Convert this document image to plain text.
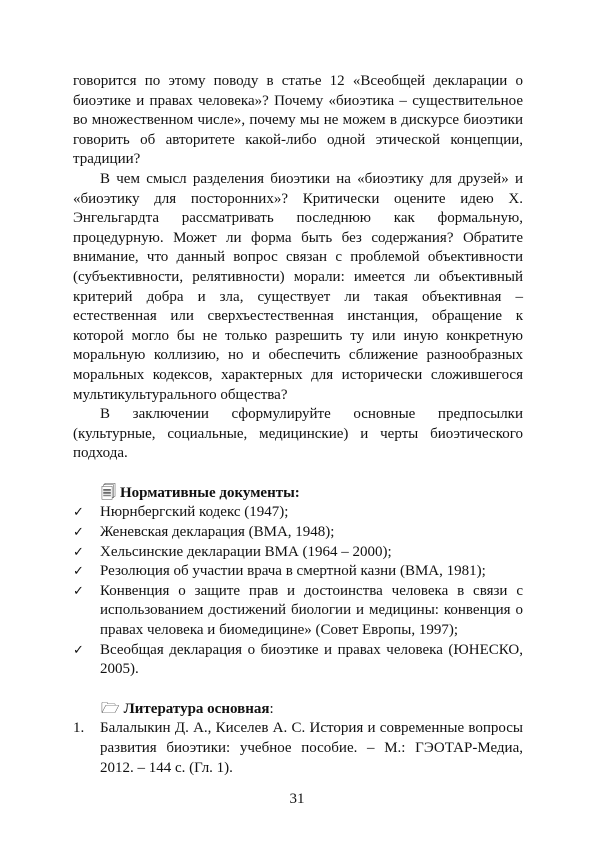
говорится по этому поводу в статье 12 «Всеобщей декларации о биоэтике и правах человека»? Почему «биоэтика – существительное во множественном числе», почему мы не можем в дискурсе биоэтики говорить об авторитете какой-либо одной этической концепции, традиции?

В чем смысл разделения биоэтики на «биоэтику для друзей» и «биоэтику для посторонних»? Критически оцените идею Х. Энгельгардта рассматривать последнюю как формальную, процедурную. Может ли форма быть без содержания? Обратите внимание, что данный вопрос связан с проблемой объективности (субъективности, релятивности) морали: имеется ли объективный критерий добра и зла, существует ли такая объективная – естественная или сверхъестественная инстанция, обращение к которой могло бы не только разрешить ту или иную конкретную моральную коллизию, но и обеспечить сближение разнообразных моральных кодексов, характерных для исторически сложившегося мультикультурального общества?

В заключении сформулируйте основные предпосылки (культурные, социальные, медицинские) и черты биоэтического подхода.

🗐 Нормативные документы:
✓ Нюрнбергский кодекс (1947);
✓ Женевская декларация (ВМА, 1948);
✓ Хельсинские декларации ВМА (1964 – 2000);
✓ Резолюция об участии врача в смертной казни (ВМА, 1981);
✓ Конвенция о защите прав и достоинства человека в связи с использованием достижений биологии и медицины: конвенция о правах человека и биомедицине» (Совет Европы, 1997);
✓ Всеобщая декларация о биоэтике и правах человека (ЮНЕСКО, 2005).
🗁 Литература основная:
1. Балалыкин Д. А., Киселев А. С. История и современные вопросы развития биоэтики: учебное пособие. – М.: ГЭОТАР-Медиа, 2012. – 144 с. (Гл. 1).
31
